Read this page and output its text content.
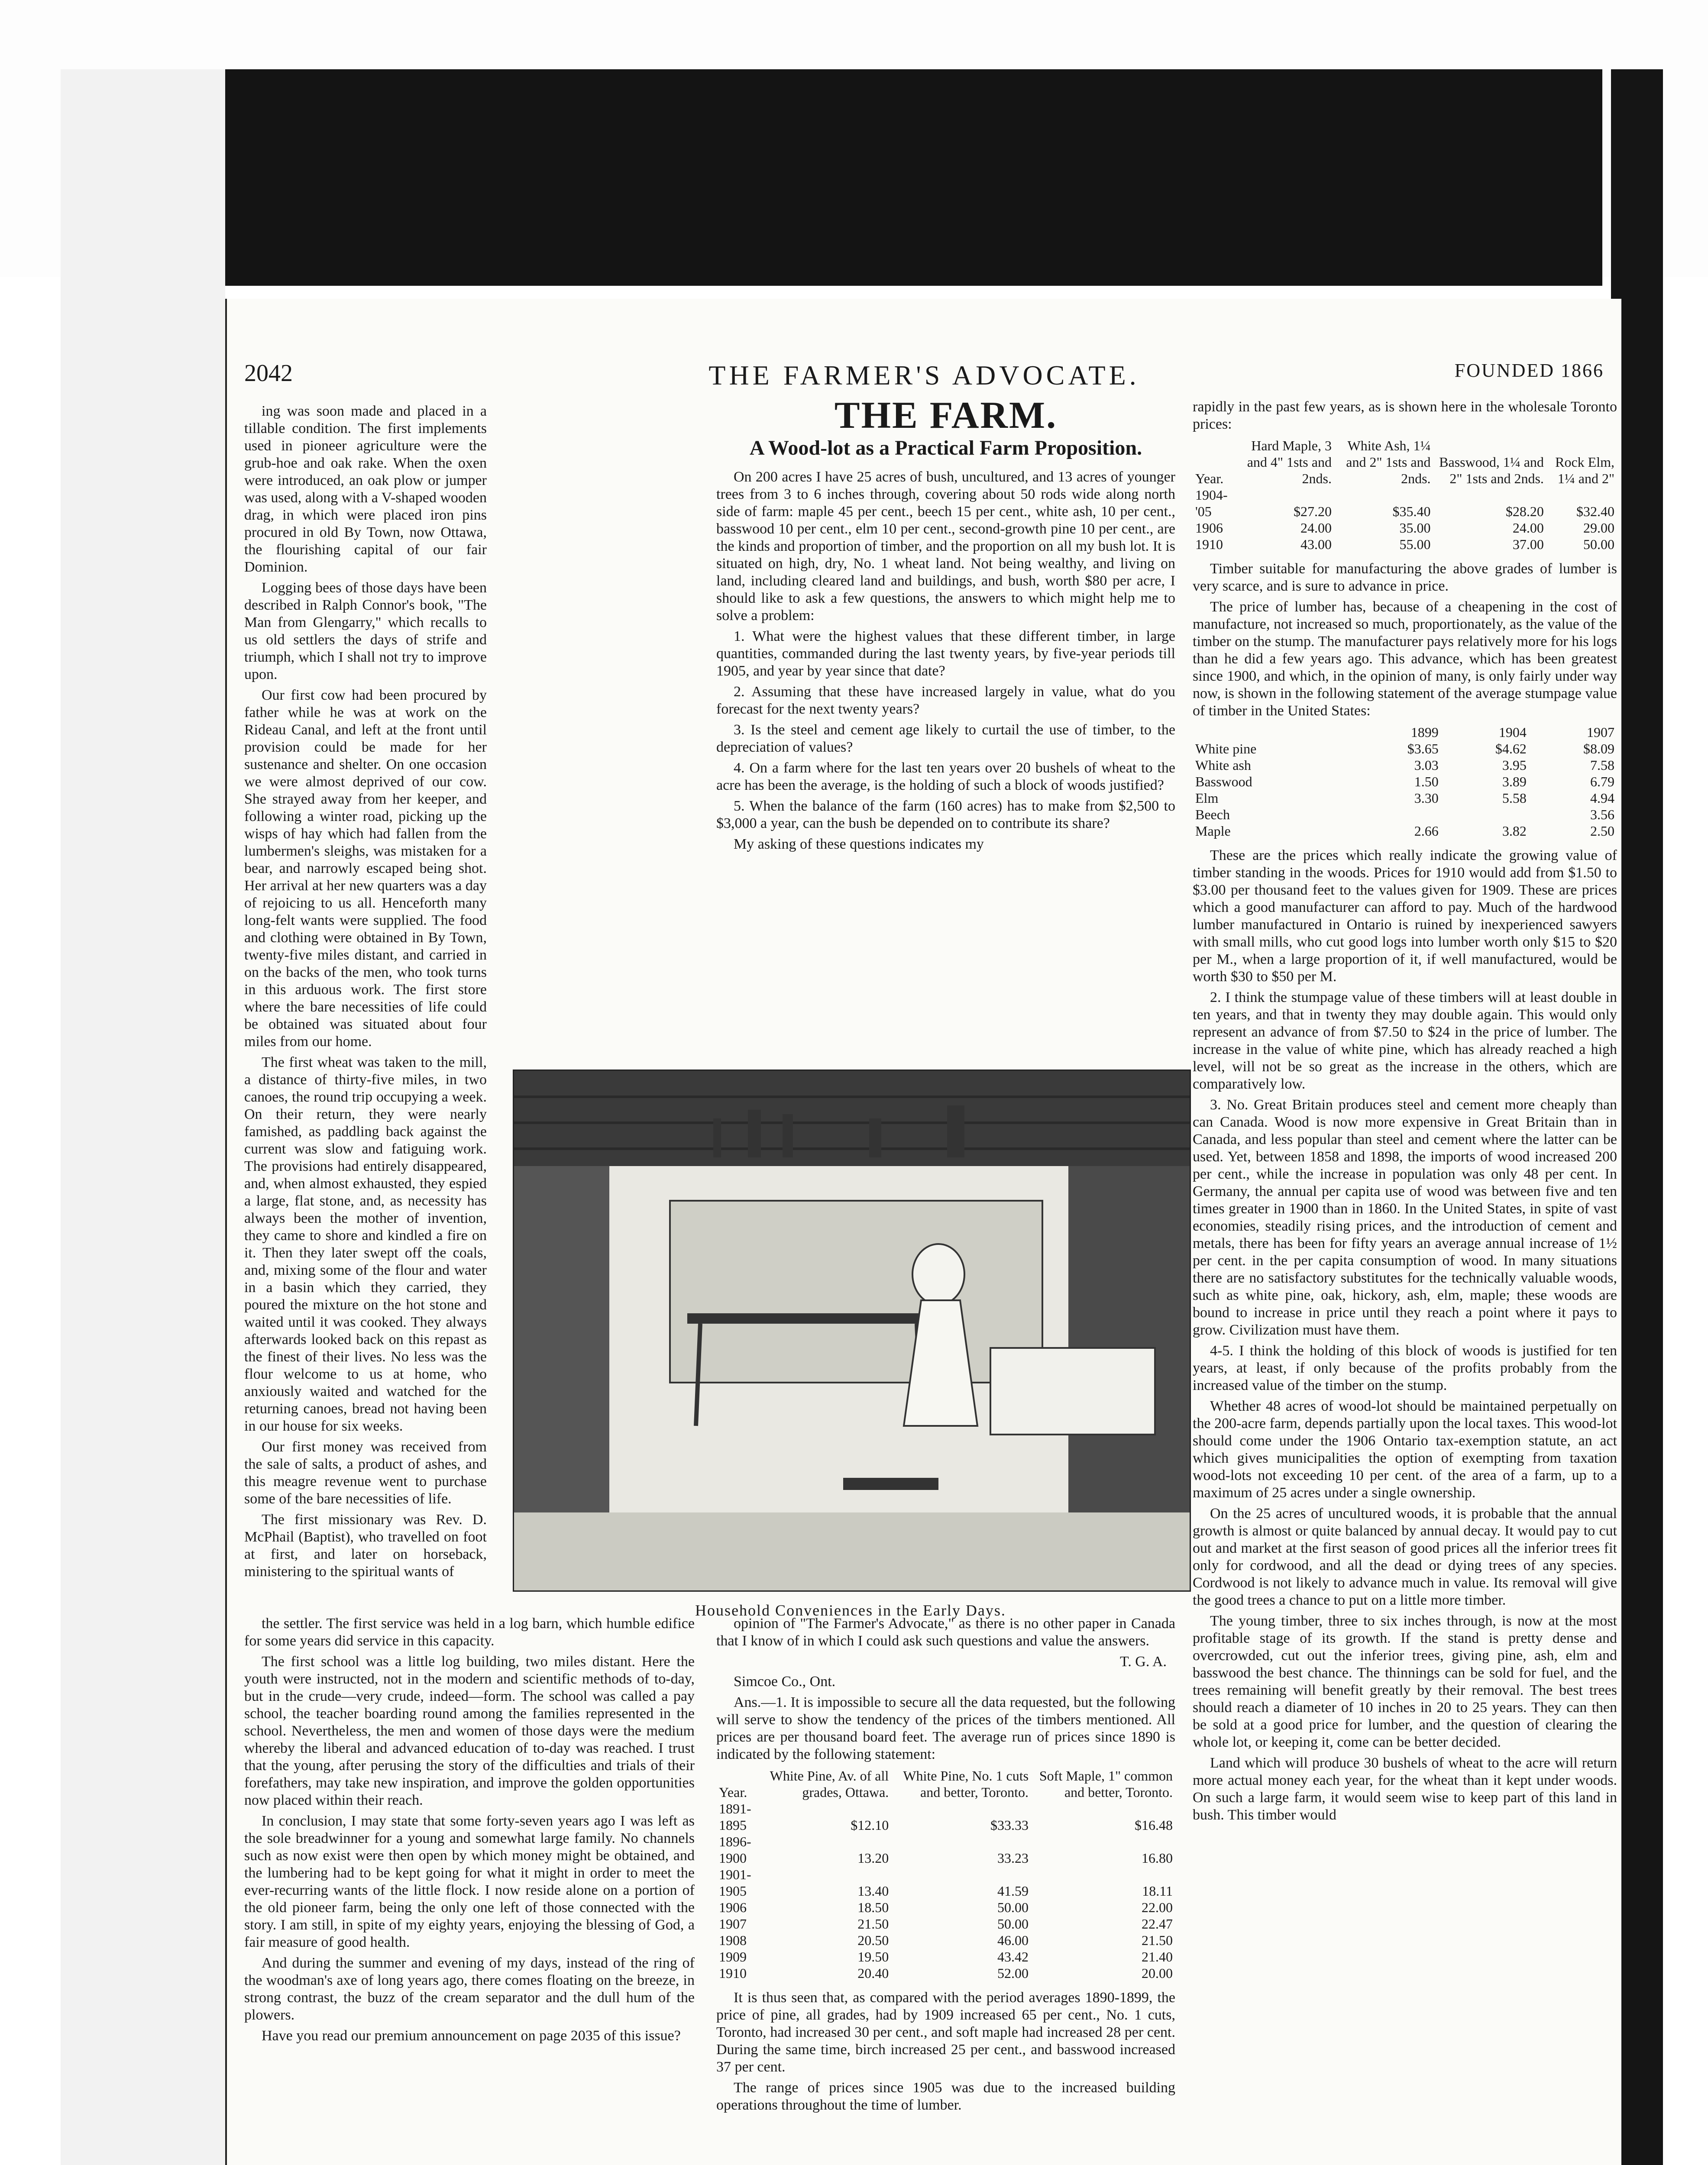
2042	THE FARMER'S ADVOCATE.	FOUNDED 1866

ing was soon made and placed in a tillable condition. The first implements used in pioneer agriculture were the grub-hoe and oak rake. When the oxen were introduced, an oak plow or jumper was used, along with a V-shaped wooden drag, in which were placed iron pins procured in old By Town, now Ottawa, the flourishing capital of our fair Dominion.

Logging bees of those days have been described in Ralph Connor's book, "The Man from Glengarry," which recalls to us old settlers the days of strife and triumph, which I shall not try to improve upon.

Our first cow had been procured by father while he was at work on the Rideau Canal, and left at the front until provision could be made for her sustenance and shelter. On one occasion we were almost deprived of our cow. She strayed away from her keeper, and following a winter road, picking up the wisps of hay which had fallen from the lumbermen's sleighs, was mistaken for a bear, and narrowly escaped being shot. Her arrival at her new quarters was a day of rejoicing to us all. Henceforth many long-felt wants were supplied. The food and clothing were obtained in By Town, twenty-five miles distant, and carried in on the backs of the men, who took turns in this arduous work. The first store where the bare necessities of life could be obtained was situated about four miles from our home.

The first wheat was taken to the mill, a distance of thirty-five miles, in two canoes, the round trip occupying a week. On their return, they were nearly famished, as paddling back against the current was slow and fatiguing work. The provisions had entirely disappeared, and, when almost exhausted, they espied a large, flat stone, and, as necessity has always been the mother of invention, they came to shore and kindled a fire on it. Then they later swept off the coals, and, mixing some of the flour and water in a basin which they carried, they poured the mixture on the hot stone and waited until it was cooked. They always afterwards looked back on this repast as the finest of their lives. No less was the flour welcome to us at home, who anxiously waited and watched for the returning canoes, bread not having been in our house for six weeks.

Our first money was received from the sale of salts, a product of ashes, and this meagre revenue went to purchase some of the bare necessities of life.

The first missionary was Rev. D. McPhail (Baptist), who travelled on foot at first, and later on horseback, ministering to the spiritual wants of

THE FARM.
A Wood-lot as a Practical Farm Proposition.

On 200 acres I have 25 acres of bush, uncultured, and 13 acres of younger trees from 3 to 6 inches through, covering about 50 rods wide along north side of farm: maple 45 per cent., beech 15 per cent., white ash, 10 per cent., basswood 10 per cent., elm 10 per cent., second-growth pine 10 per cent., are the kinds and proportion of timber, and the proportion on all my bush lot. It is situated on high, dry, No. 1 wheat land. Not being wealthy, and living on land, including cleared land and buildings, and bush, worth $80 per acre, I should like to ask a few questions, the answers to which might help me to solve a problem:

1. What were the highest values that these different timber, in large quantities, commanded during the last twenty years, by five-year periods till 1905, and year by year since that date?

2. Assuming that these have increased largely in value, what do you forecast for the next twenty years?

3. Is the steel and cement age likely to curtail the use of timber, to the depreciation of values?

4. On a farm where for the last ten years over 20 bushels of wheat to the acre has been the average, is the holding of such a block of woods justified?

5. When the balance of the farm (160 acres) has to make from $2,500 to $3,000 a year, can the bush be depended on to contribute its share?

My asking of these questions indicates my

Household Conveniences in the Early Days.

the settler. The first service was held in a log barn, which humble edifice for some years did service in this capacity.

The first school was a little log building, two miles distant. Here the youth were instructed, not in the modern and scientific methods of to-day, but in the crude—very crude, indeed—form. The school was called a pay school, the teacher boarding round among the families represented in the school. Nevertheless, the men and women of those days were the medium whereby the liberal and advanced education of to-day was reached. I trust that the young, after perusing the story of the difficulties and trials of their forefathers, may take new inspiration, and improve the golden opportunities now placed within their reach.

In conclusion, I may state that some forty-seven years ago I was left as the sole breadwinner for a young and somewhat large family. No channels such as now exist were then open by which money might be obtained, and the lumbering had to be kept going for what it might in order to meet the ever-recurring wants of the little flock. I now reside alone on a portion of the old pioneer farm, being the only one left of those connected with the story. I am still, in spite of my eighty years, enjoying the blessing of God, a fair measure of good health.

And during the summer and evening of my days, instead of the ring of the woodman's axe of long years ago, there comes floating on the breeze, in strong contrast, the buzz of the cream separator and the dull hum of the plowers.

Have you read our premium announcement on page 2035 of this issue?

opinion of "The Farmer's Advocate," as there is no other paper in Canada that I know of in which I could ask such questions and value the answers.

T. G. A.
Simcoe Co., Ont.

Ans.—1. It is impossible to secure all the data requested, but the following will serve to show the tendency of the prices of the timbers mentioned. All prices are per thousand board feet. The average run of prices since 1890 is indicated by the following statement:

Year.	White Pine, Av. of all grades, Ottawa.	White Pine, No. 1 cuts and better, Toronto.	Soft Maple, 1" common and better, Toronto.
1891-1895	$12.10	$33.33	$16.48
1896-1900	13.20	33.23	16.80
1901-1905	13.40	41.59	18.11
1906	18.50	50.00	22.00
1907	21.50	50.00	22.47
1908	20.50	46.00	21.50
1909	19.50	43.42	21.40
1910	20.40	52.00	20.00

It is thus seen that, as compared with the period averages 1890-1899, the price of pine, all grades, had by 1909 increased 65 per cent., No. 1 cuts, Toronto, had increased 30 per cent., and soft maple had increased 28 per cent. During the same time, birch increased 25 per cent., and basswood increased 37 per cent.

The range of prices since 1905 was due to the increased building operations throughout the time of lumber.

rapidly in the past few years, as is shown here in the wholesale Toronto prices:

Year.	Hard Maple, 3 and 4" 1sts and 2nds.	White Ash, 1¼ and 2" 1sts and 2nds.	Basswood, 1¼ and 2" 1sts and 2nds.	Rock Elm, 1¼ and 2"
1904-'05	$27.20	$35.40	$28.20	$32.40
1906	24.00	35.00	24.00	29.00
1910	43.00	55.00	37.00	50.00

Timber suitable for manufacturing the above grades of lumber is very scarce, and is sure to advance in price.

The price of lumber has, because of a cheapening in the cost of manufacture, not increased so much, proportionately, as the value of the timber on the stump. The manufacturer pays relatively more for his logs than he did a few years ago. This advance, which has been greatest since 1900, and which, in the opinion of many, is only fairly under way now, is shown in the following statement of the average stumpage value of timber in the United States:

	1899	1904	1907
White pine	$3.65	$4.62	$8.09
White ash	3.03	3.95	7.58
Basswood	1.50	3.89	6.79
Elm	3.30	5.58	4.94
Beech			3.56
Maple	2.66	3.82	2.50

These are the prices which really indicate the growing value of timber standing in the woods. Prices for 1910 would add from $1.50 to $3.00 per thousand feet to the values given for 1909. These are prices which a good manufacturer can afford to pay. Much of the hardwood lumber manufactured in Ontario is ruined by inexperienced sawyers with small mills, who cut good logs into lumber worth only $15 to $20 per M., when a large proportion of it, if well manufactured, would be worth $30 to $50 per M.

2. I think the stumpage value of these timbers will at least double in ten years, and that in twenty they may double again. This would only represent an advance of from $7.50 to $24 in the price of lumber. The increase in the value of white pine, which has already reached a high level, will not be so great as the increase in the others, which are comparatively low.

3. No. Great Britain produces steel and cement more cheaply than can Canada. Wood is now more expensive in Great Britain than in Canada, and less popular than steel and cement where the latter can be used. Yet, between 1858 and 1898, the imports of wood increased 200 per cent., while the increase in population was only 48 per cent. In Germany, the annual per capita use of wood was between five and ten times greater in 1900 than in 1860. In the United States, in spite of vast economies, steadily rising prices, and the introduction of cement and metals, there has been for fifty years an average annual increase of 1½ per cent. in the per capita consumption of wood. In many situations there are no satisfactory substitutes for the technically valuable woods, such as white pine, oak, hickory, ash, elm, maple; these woods are bound to increase in price until they reach a point where it pays to grow. Civilization must have them.

4-5. I think the holding of this block of woods is justified for ten years, at least, if only because of the profits probably from the increased value of the timber on the stump.

Whether 48 acres of wood-lot should be maintained perpetually on the 200-acre farm, depends partially upon the local taxes. This wood-lot should come under the 1906 Ontario tax-exemption statute, an act which gives municipalities the option of exempting from taxation wood-lots not exceeding 10 per cent. of the area of a farm, up to a maximum of 25 acres under a single ownership.

On the 25 acres of uncultured woods, it is probable that the annual growth is almost or quite balanced by annual decay. It would pay to cut out and market at the first season of good prices all the inferior trees fit only for cordwood, and all the dead or dying trees of any species. Cordwood is not likely to advance much in value. Its removal will give the good trees a chance to put on a little more timber.

The young timber, three to six inches through, is now at the most profitable stage of its growth. If the stand is pretty dense and overcrowded, cut out the inferior trees, giving pine, ash, elm and basswood the best chance. The thinnings can be sold for fuel, and the trees remaining will benefit greatly by their removal. The best trees should reach a diameter of 10 inches in 20 to 25 years. They can then be sold at a good price for lumber, and the question of clearing the whole lot, or keeping it, come can be better decided.

Land which will produce 30 bushels of wheat to the acre will return more actual money each year, for the wheat than it kept under woods. On such a large farm, it would seem wise to keep part of this land in bush. This timber would
